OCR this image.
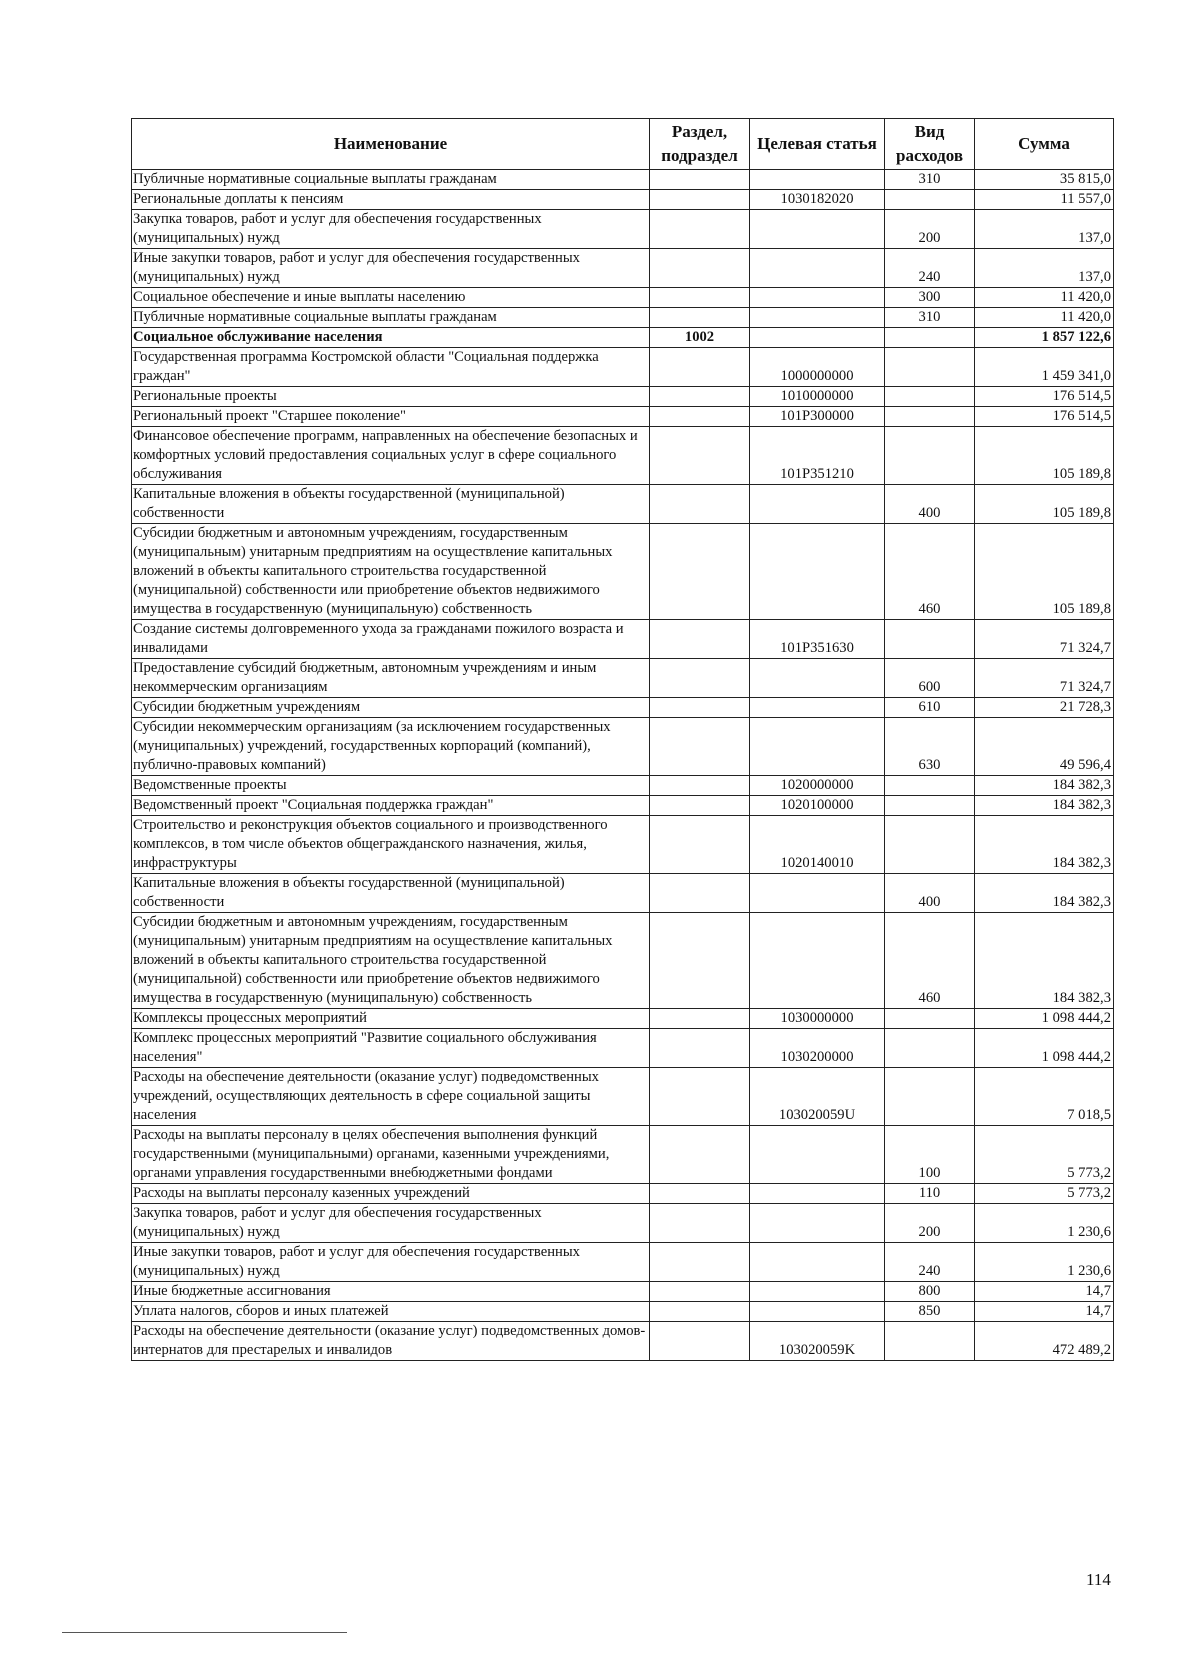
Наименование	Раздел, подраздел	Целевая статья	Вид расходов	Сумма
Публичные нормативные социальные выплаты гражданам			310	35 815,0
Региональные доплаты к пенсиям		1030182020		11 557,0
Закупка товаров, работ и услуг для обеспечения государственных (муниципальных) нужд			200	137,0
Иные закупки товаров, работ и услуг для обеспечения государственных (муниципальных) нужд			240	137,0
Социальное обеспечение и иные выплаты населению			300	11 420,0
Публичные нормативные социальные выплаты гражданам			310	11 420,0
Социальное обслуживание населения	1002			1 857 122,6
Государственная программа Костромской области "Социальная поддержка граждан"		1000000000		1 459 341,0
Региональные проекты		1010000000		176 514,5
Региональный проект "Старшее поколение"		101P300000		176 514,5
Финансовое обеспечение программ, направленных на обеспечение безопасных и комфортных условий предоставления социальных услуг в сфере социального обслуживания		101P351210		105 189,8
Капитальные вложения в объекты государственной (муниципальной) собственности			400	105 189,8
Субсидии бюджетным и автономным учреждениям, государственным (муниципальным) унитарным предприятиям на осуществление капитальных вложений в объекты капитального строительства государственной (муниципальной) собственности или приобретение объектов недвижимого имущества в государственную (муниципальную) собственность			460	105 189,8
Создание системы долговременного ухода за гражданами пожилого возраста и инвалидами		101P351630		71 324,7
Предоставление субсидий бюджетным, автономным учреждениям и иным некоммерческим организациям			600	71 324,7
Субсидии бюджетным учреждениям			610	21 728,3
Субсидии некоммерческим организациям (за исключением государственных (муниципальных) учреждений, государственных корпораций (компаний), публично-правовых компаний)			630	49 596,4
Ведомственные проекты		1020000000		184 382,3
Ведомственный проект "Социальная поддержка граждан"		1020100000		184 382,3
Строительство и реконструкция объектов социального и производственного комплексов, в том числе объектов общегражданского назначения, жилья, инфраструктуры		1020140010		184 382,3
Капитальные вложения в объекты государственной (муниципальной) собственности			400	184 382,3
Субсидии бюджетным и автономным учреждениям, государственным (муниципальным) унитарным предприятиям на осуществление капитальных вложений в объекты капитального строительства государственной (муниципальной) собственности или приобретение объектов недвижимого имущества в государственную (муниципальную) собственность			460	184 382,3
Комплексы процессных мероприятий		1030000000		1 098 444,2
Комплекс процессных мероприятий "Развитие социального обслуживания населения"		1030200000		1 098 444,2
Расходы на обеспечение деятельности (оказание услуг) подведомственных учреждений, осуществляющих деятельность в сфере социальной защиты населения		103020059U		7 018,5
Расходы на выплаты персоналу в целях обеспечения выполнения функций государственными (муниципальными) органами, казенными учреждениями, органами управления государственными внебюджетными фондами			100	5 773,2
Расходы на выплаты персоналу казенных учреждений			110	5 773,2
Закупка товаров, работ и услуг для обеспечения государственных (муниципальных) нужд			200	1 230,6
Иные закупки товаров, работ и услуг для обеспечения государственных (муниципальных) нужд			240	1 230,6
Иные бюджетные ассигнования			800	14,7
Уплата налогов, сборов и иных платежей			850	14,7
Расходы на обеспечение деятельности (оказание услуг) подведомственных домов-интернатов для престарелых и инвалидов		103020059K		472 489,2
114
